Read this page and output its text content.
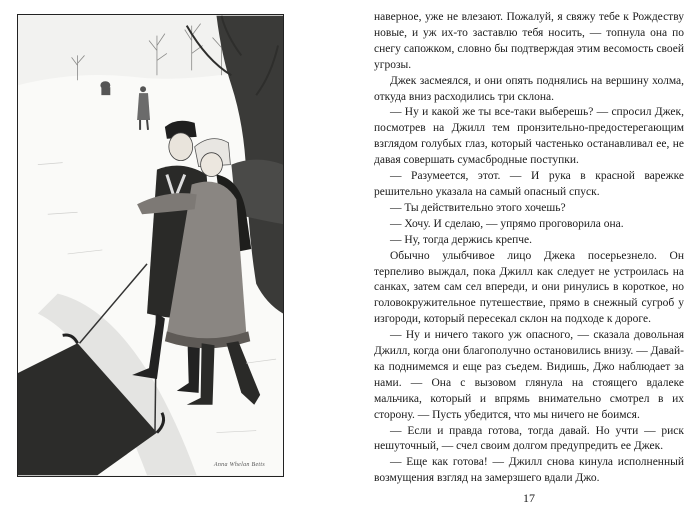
Anna Whelan Betts

наверное, уже не влезают. Пожалуй, я свяжу тебе к Рождеству новые, и уж их-то заставлю тебя носить, — топнула она по снегу сапожком, словно бы подтверждая этим весомость своей угрозы.

Джек засмеялся, и они опять поднялись на вершину холма, откуда вниз расходились три склона.

— Ну и какой же ты все-таки выберешь? — спросил Джек, посмотрев на Джилл тем пронзительно-предостерегающим взглядом голубых глаз, который частенько останавливал ее, не давая совершать сумасбродные поступки.

— Разумеется, этот. — И рука в красной варежке решительно указала на самый опасный спуск.

— Ты действительно этого хочешь?

— Хочу. И сделаю, — упрямо проговорила она.

— Ну, тогда держись крепче.

Обычно улыбчивое лицо Джека посерьезнело. Он терпеливо выждал, пока Джилл как следует не устроилась на санках, затем сам сел впереди, и они ринулись в короткое, но головокружительное путешествие, прямо в снежный сугроб у изгороди, который пересекал склон на подходе к дороге.

— Ну и ничего такого уж опасного, — сказала довольная Джилл, когда они благополучно остановились внизу. — Давай-ка поднимемся и еще раз съедем. Видишь, Джо наблюдает за нами. — Она с вызовом глянула на стоящего вдалеке мальчика, который и впрямь внимательно смотрел в их сторону. — Пусть убедится, что мы ничего не боимся.

— Если и правда готова, тогда давай. Но учти — риск нешуточный, — счел своим долгом предупредить ее Джек.

— Еще как готова! — Джилл снова кинула исполненный возмущения взгляд на замерзшего вдали Джо.

17
